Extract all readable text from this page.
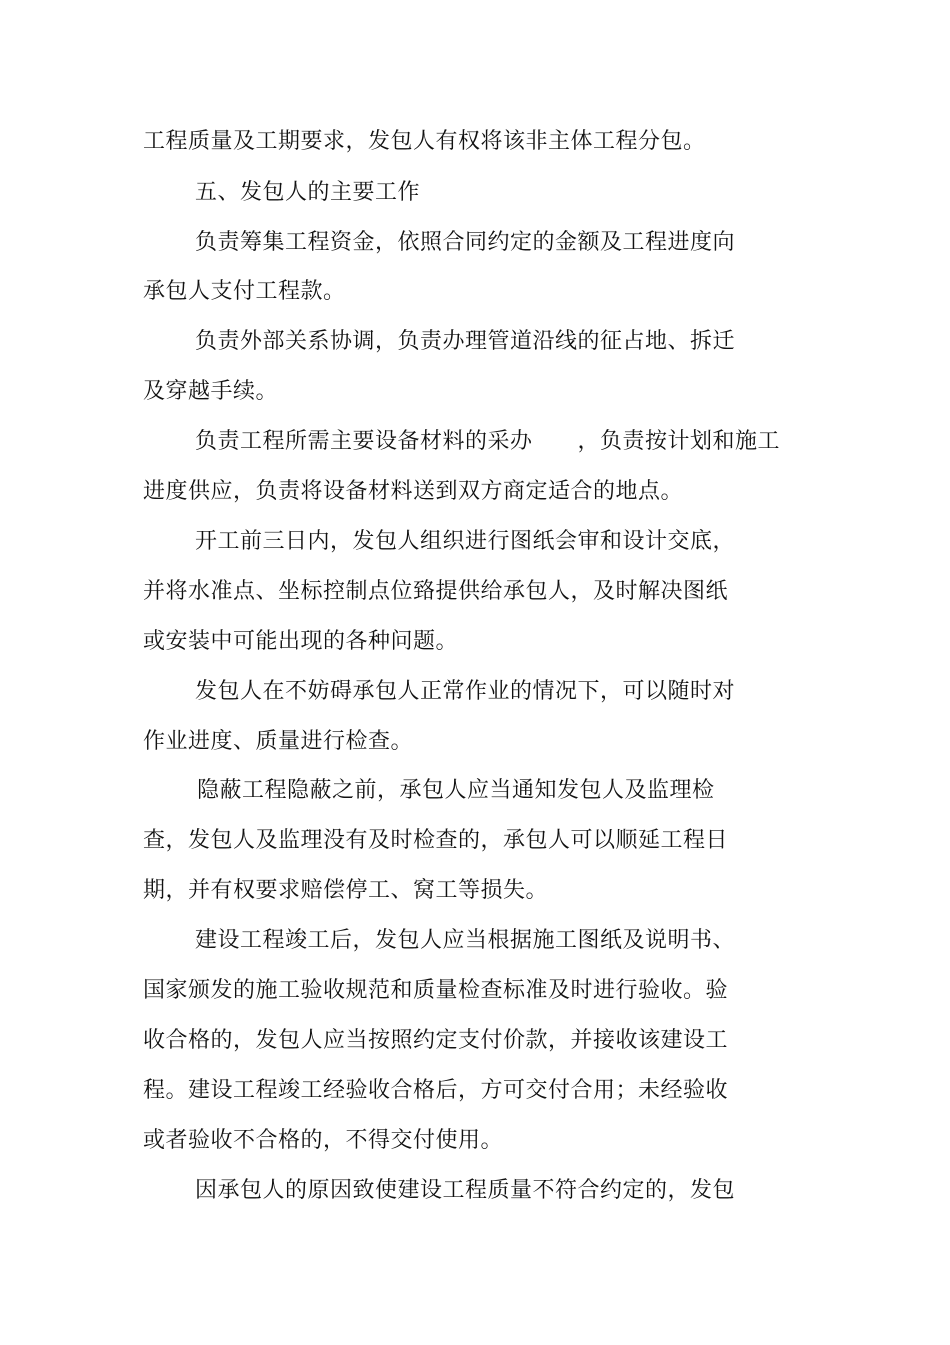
工程质量及工期要求，发包人有权将该非主体工程分包。
五、发包人的主要工作
负责筹集工程资金，依照合同约定的金额及工程进度向
承包人支付工程款。
负责外部关系协调，负责办理管道沿线的征占地、拆迁
及穿越手续。
负责工程所需主要设备材料的采办　　，负责按计划和施工
进度供应，负责将设备材料送到双方商定适合的地点。
开工前三日内，发包人组织进行图纸会审和设计交底，
并将水准点、坐标控制点位臵提供给承包人，及时解决图纸
或安装中可能出现的各种问题。
发包人在不妨碍承包人正常作业的情况下，可以随时对
作业进度、质量进行检查。
隐蔽工程隐蔽之前，承包人应当通知发包人及监理检
查，发包人及监理没有及时检查的，承包人可以顺延工程日
期，并有权要求赔偿停工、窝工等损失。
建设工程竣工后，发包人应当根据施工图纸及说明书、
国家颁发的施工验收规范和质量检查标准及时进行验收。验
收合格的，发包人应当按照约定支付价款，并接收该建设工
程。建设工程竣工经验收合格后，方可交付合用；未经验收
或者验收不合格的，不得交付使用。
因承包人的原因致使建设工程质量不符合约定的，发包
